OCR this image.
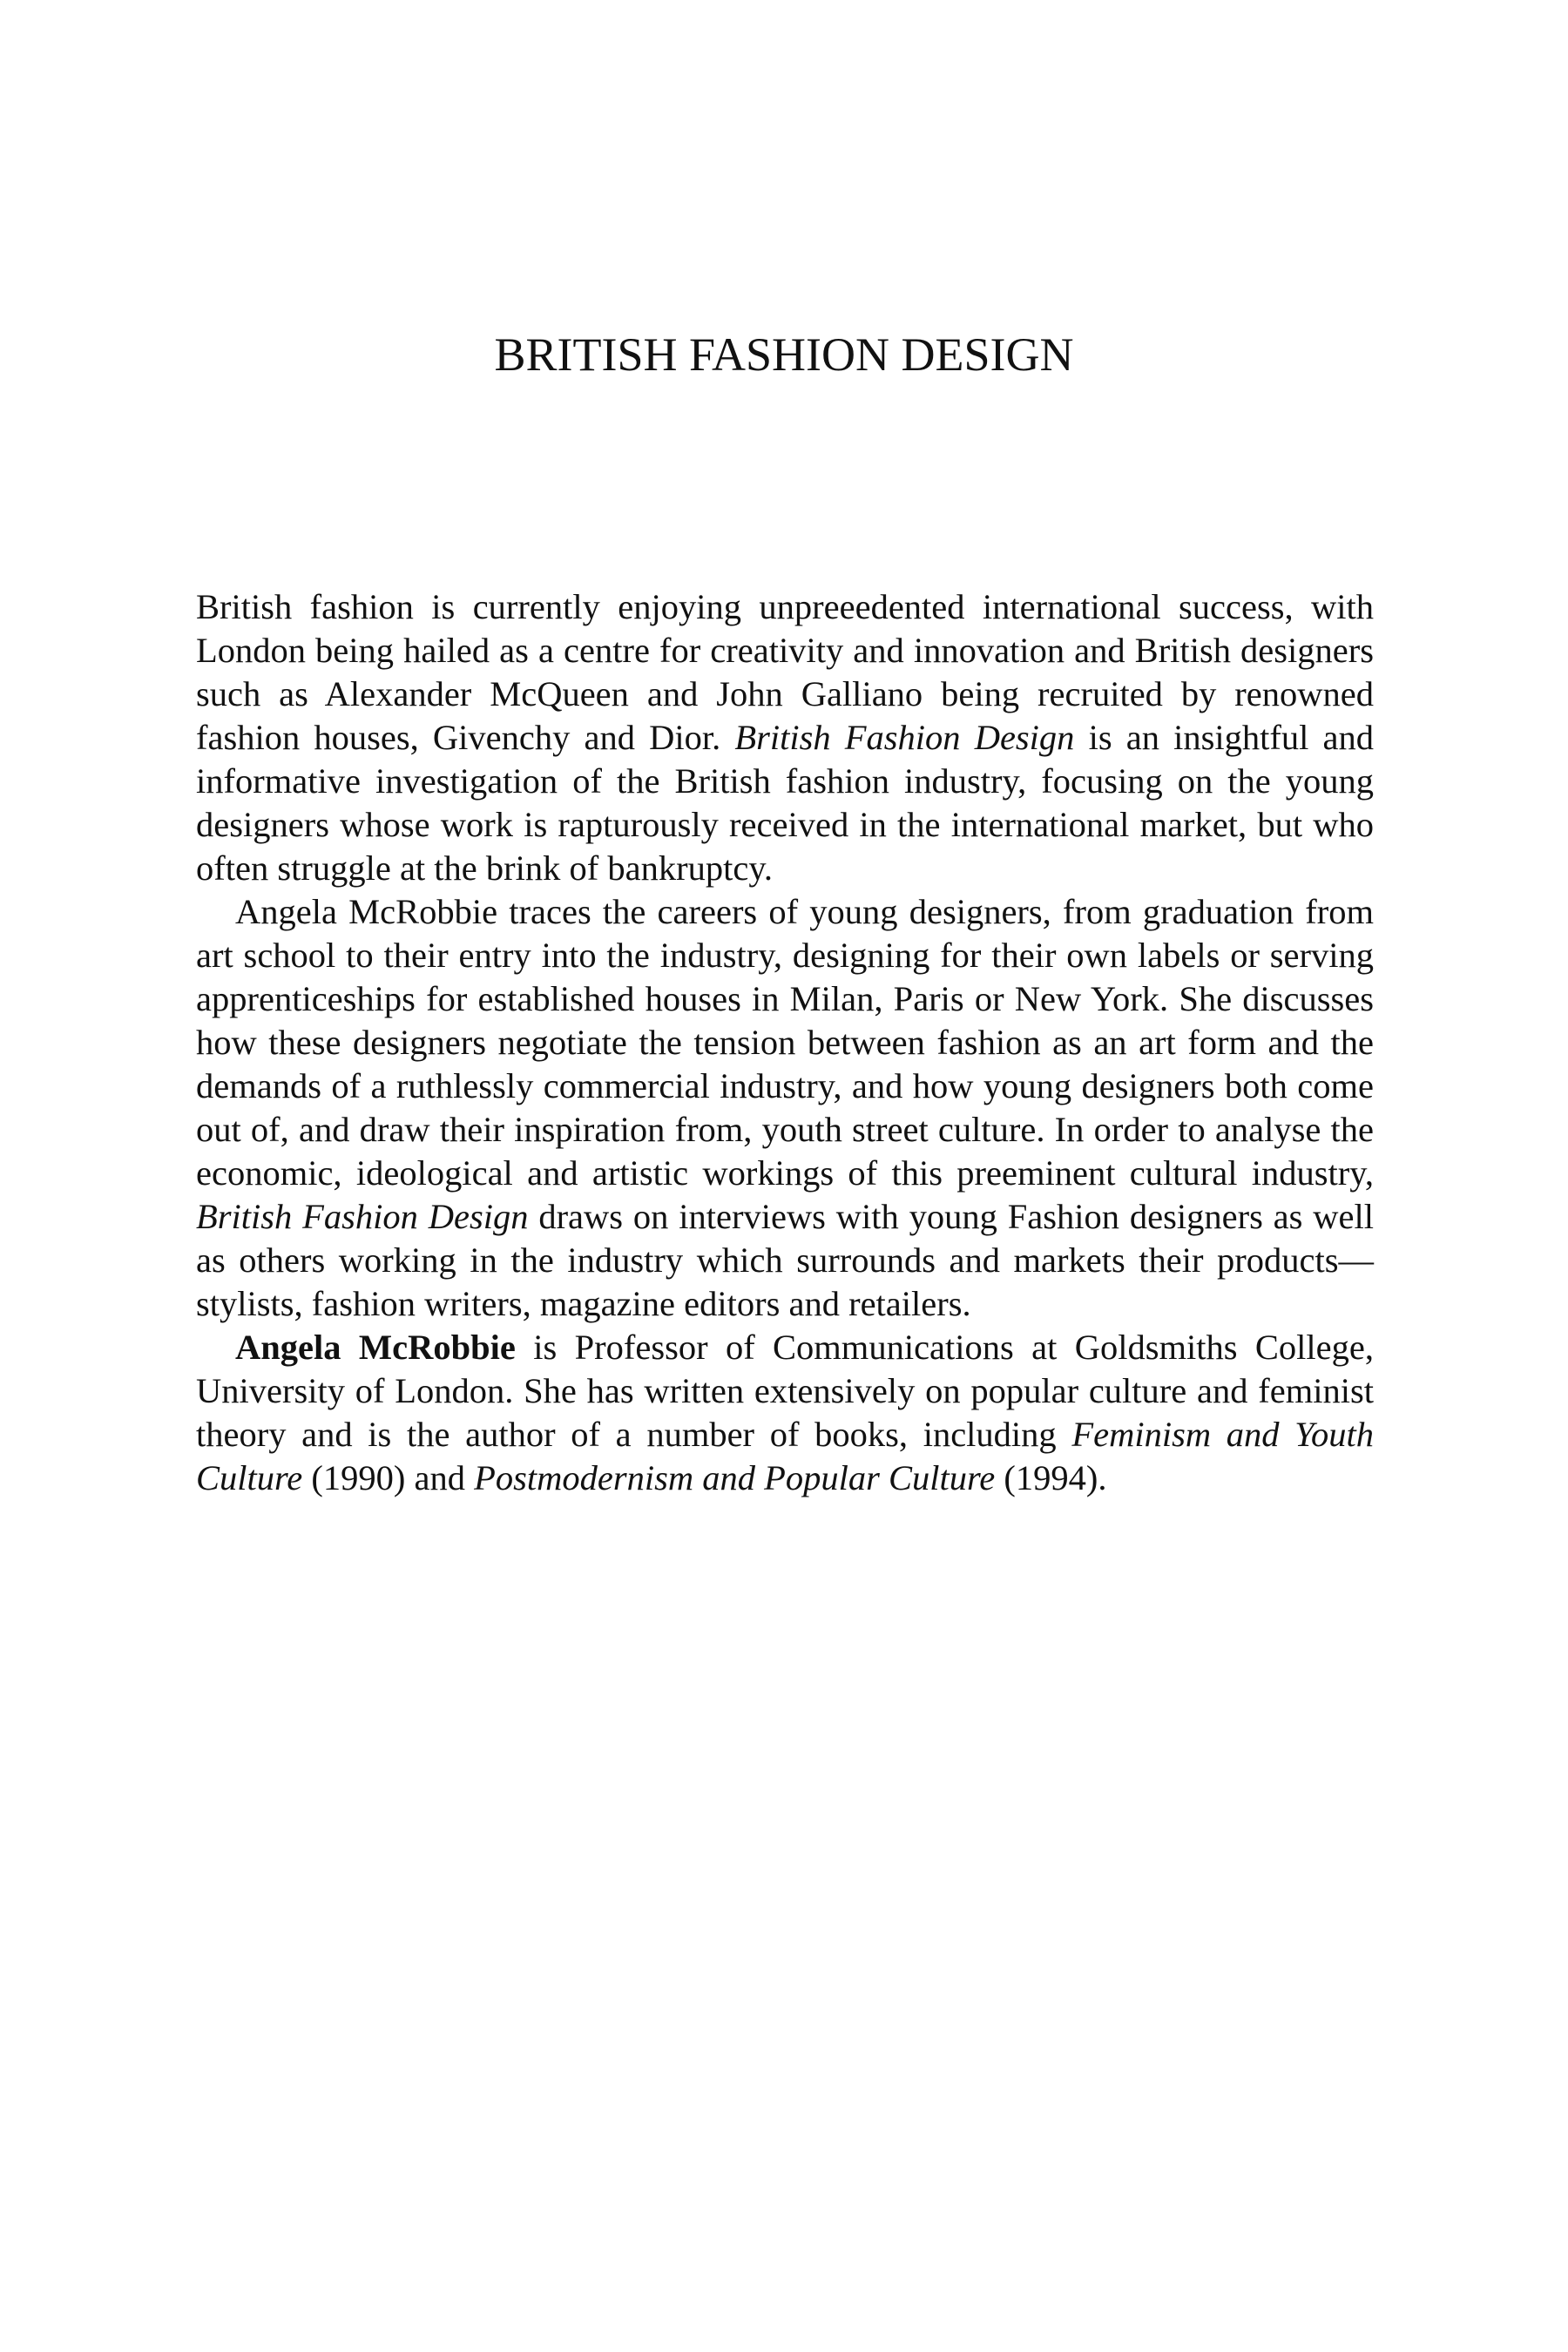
BRITISH FASHION DESIGN

British fashion is currently enjoying unpreeedented international success, with London being hailed as a centre for creativity and innovation and British designers such as Alexander McQueen and John Galliano being recruited by renowned fashion houses, Givenchy and Dior. British Fashion Design is an insightful and informative investigation of the British fashion industry, focusing on the young designers whose work is rapturously received in the international market, but who often struggle at the brink of bankruptcy.

Angela McRobbie traces the careers of young designers, from graduation from art school to their entry into the industry, designing for their own labels or serving apprenticeships for established houses in Milan, Paris or New York. She discusses how these designers negotiate the tension between fashion as an art form and the demands of a ruthlessly commercial industry, and how young designers both come out of, and draw their inspiration from, youth street culture. In order to analyse the economic, ideological and artistic workings of this preeminent cultural industry, British Fashion Design draws on interviews with young Fashion designers as well as others working in the industry which surrounds and markets their products—stylists, fashion writers, magazine editors and retailers.

Angela McRobbie is Professor of Communications at Goldsmiths College, University of London. She has written extensively on popular culture and feminist theory and is the author of a number of books, including Feminism and Youth Culture (1990) and Postmodernism and Popular Culture (1994).
